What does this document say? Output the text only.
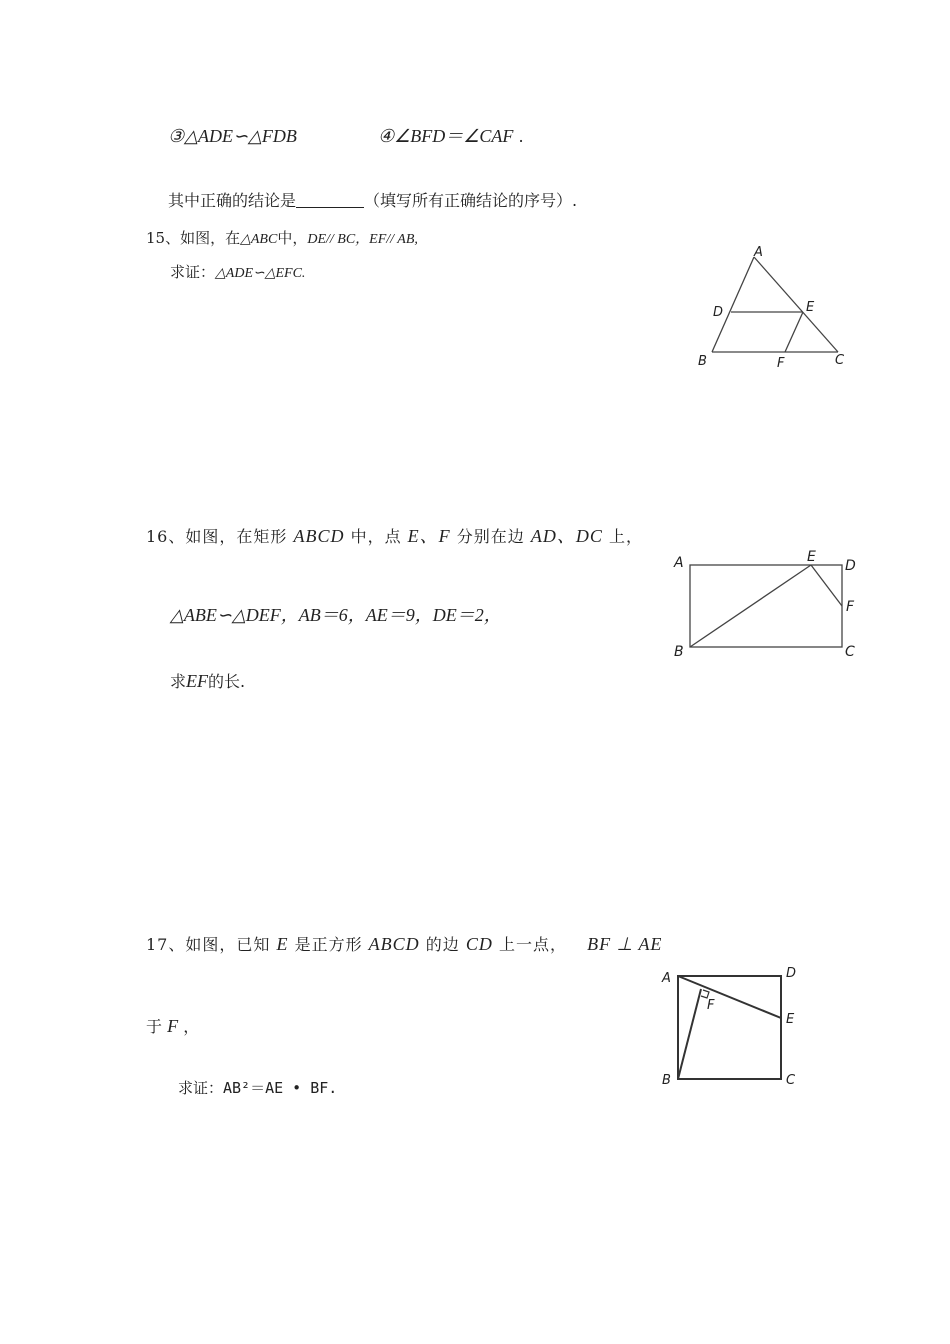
③△ADE∽△FDB	④∠BFD＝∠CAF .
其中正确的结论是	（填写所有正确结论的序号）.
15、如图，在△ABC中，DE// BC，EF// AB,
求证：△ADE∽△EFC.
A
B	C
D	E
F
16、如图，在矩形 ABCD 中，点 E、F 分别在边 AD、DC 上，
△ABE∽△DEF，AB＝6，AE＝9，DE＝2，
求EF的长.
A
B	C
D
E
F
17、如图，已知 E 是正方形 ABCD 的边 CD 上一点， BF ⊥ AE
于 F ，
求证：AB²＝AE • BF.
A
B	C
D
E
F
